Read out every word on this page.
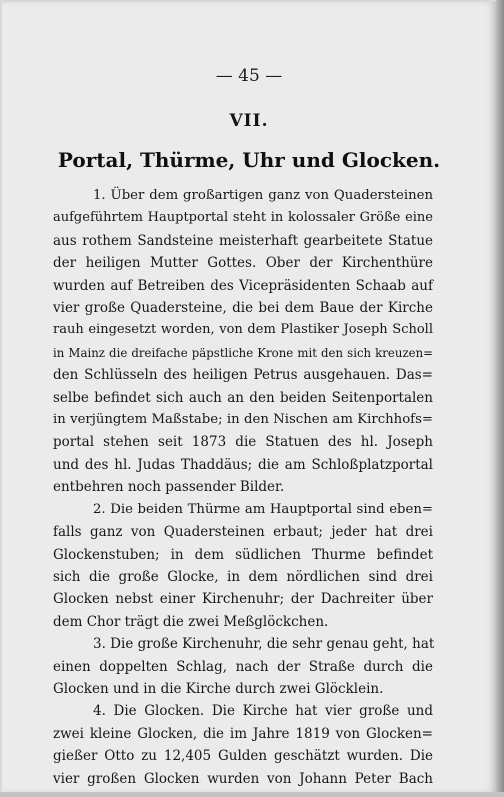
— 45 —
VII.
Portal, Thürme, Uhr und Glocken.
1. Über dem großartigen ganz von Quadersteinen
aufgeführtem Hauptportal steht in kolossaler Größe eine
aus rothem Sandsteine meisterhaft gearbeitete Statue
der heiligen Mutter Gottes. Ober der Kirchenthüre
wurden auf Betreiben des Vicepräsidenten Schaab auf
vier große Quadersteine, die bei dem Baue der Kirche
rauh eingesetzt worden, von dem Plastiker Joseph Scholl
in Mainz die dreifache päpstliche Krone mit den sich kreuzen=
den Schlüsseln des heiligen Petrus ausgehauen. Das=
selbe befindet sich auch an den beiden Seitenportalen
in verjüngtem Maßstabe; in den Nischen am Kirchhofs=
portal stehen seit 1873 die Statuen des hl. Joseph
und des hl. Judas Thaddäus; die am Schloßplatzportal
entbehren noch passender Bilder.
2. Die beiden Thürme am Hauptportal sind eben=
falls ganz von Quadersteinen erbaut; jeder hat drei
Glockenstuben; in dem südlichen Thurme befindet
sich die große Glocke, in dem nördlichen sind drei
Glocken nebst einer Kirchenuhr; der Dachreiter über
dem Chor trägt die zwei Meßglöckchen.
3. Die große Kirchenuhr, die sehr genau geht, hat
einen doppelten Schlag, nach der Straße durch die
Glocken und in die Kirche durch zwei Glöcklein.
4. Die Glocken. Die Kirche hat vier große und
zwei kleine Glocken, die im Jahre 1819 von Glocken=
gießer Otto zu 12,405 Gulden geschätzt wurden. Die
vier großen Glocken wurden von Johann Peter Bach
